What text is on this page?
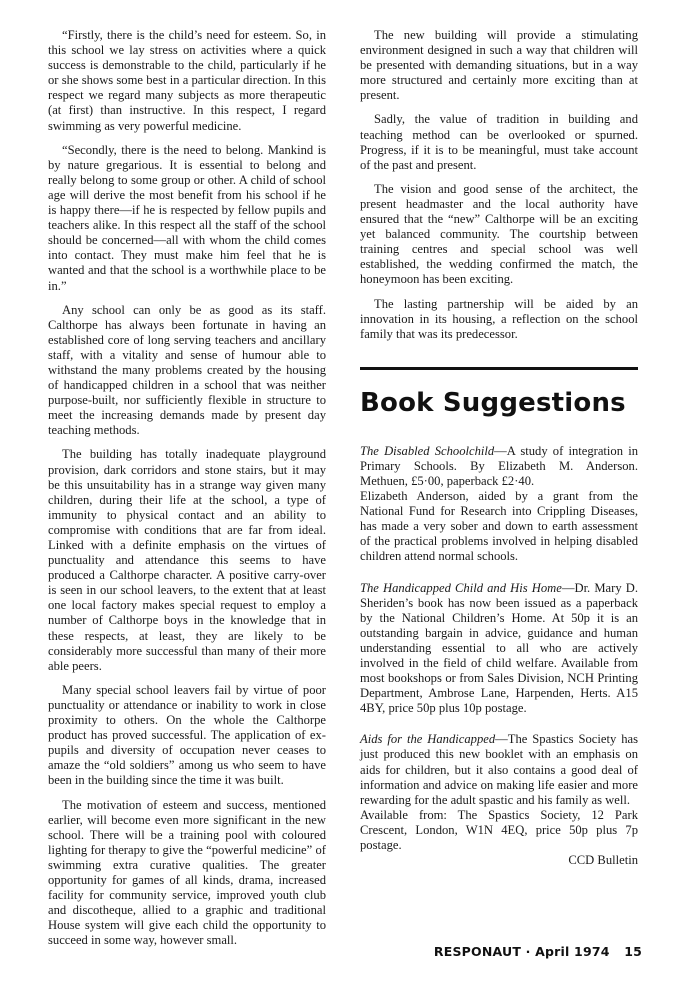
“Firstly, there is the child’s need for esteem. So, in this school we lay stress on activities where a quick success is demonstrable to the child, particularly if he or she shows some best in a particular direction. In this respect we regard many subjects as more therapeutic (at first) than instructive. In this respect, I regard swimming as very powerful medicine.

“Secondly, there is the need to belong. Mankind is by nature gregarious. It is essential to belong and really belong to some group or other. A child of school age will derive the most benefit from his school if he is happy there—if he is respected by fellow pupils and teachers alike. In this respect all the staff of the school should be concerned—all with whom the child comes into contact. They must make him feel that he is wanted and that the school is a worthwhile place to be in.”

Any school can only be as good as its staff. Calthorpe has always been fortunate in having an established core of long serving teachers and ancillary staff, with a vitality and sense of humour able to withstand the many problems created by the housing of handicapped children in a school that was neither purpose-built, nor sufficiently flexible in structure to meet the increasing demands made by present day teaching methods.

The building has totally inadequate playground provision, dark corridors and stone stairs, but it may be this unsuitability has in a strange way given many children, during their life at the school, a type of immunity to physical contact and an ability to compromise with conditions that are far from ideal. Linked with a definite emphasis on the virtues of punctuality and attendance this seems to have produced a Calthorpe character. A positive carry-over is seen in our school leavers, to the extent that at least one local factory makes special request to employ a number of Calthorpe boys in the knowledge that in these respects, at least, they are likely to be considerably more successful than many of their more able peers.

Many special school leavers fail by virtue of poor punctuality or attendance or inability to work in close proximity to others. On the whole the Calthorpe product has proved successful. The application of ex-pupils and diversity of occupation never ceases to amaze the “old soldiers” among us who seem to have been in the building since the time it was built.

The motivation of esteem and success, mentioned earlier, will become even more significant in the new school. There will be a training pool with coloured lighting for therapy to give the “powerful medicine” of swimming extra curative qualities. The greater opportunity for games of all kinds, drama, increased facility for community service, improved youth club and discotheque, allied to a graphic and traditional House system will give each child the opportunity to succeed in some way, however small.

The new building will provide a stimulating environment designed in such a way that children will be presented with demanding situations, but in a way more structured and certainly more exciting than at present.

Sadly, the value of tradition in building and teaching method can be overlooked or spurned. Progress, if it is to be meaningful, must take account of the past and present.

The vision and good sense of the architect, the present headmaster and the local authority have ensured that the “new” Calthorpe will be an exciting yet balanced community. The courtship between training centres and special school was well established, the wedding confirmed the match, the honeymoon has been exciting.

The lasting partnership will be aided by an innovation in its housing, a reflection on the school family that was its predecessor.

Book Suggestions

The Disabled Schoolchild—A study of integration in Primary Schools. By Elizabeth M. Anderson. Methuen, £5·00, paperback £2·40.

Elizabeth Anderson, aided by a grant from the National Fund for Research into Crippling Diseases, has made a very sober and down to earth assessment of the practical problems involved in helping disabled children attend normal schools.

The Handicapped Child and His Home—Dr. Mary D. Sheriden’s book has now been issued as a paperback by the National Children’s Home. At 50p it is an outstanding bargain in advice, guidance and human understanding essential to all who are actively involved in the field of child welfare. Available from most bookshops or from Sales Division, NCH Printing Department, Ambrose Lane, Harpenden, Herts. A15 4BY, price 50p plus 10p postage.

Aids for the Handicapped—The Spastics Society has just produced this new booklet with an emphasis on aids for children, but it also contains a good deal of information and advice on making life easier and more rewarding for the adult spastic and his family as well.

Available from: The Spastics Society, 12 Park Crescent, London, W1N 4EQ, price 50p plus 7p postage.

CCD Bulletin

RESPONAUT · April 1974 15
